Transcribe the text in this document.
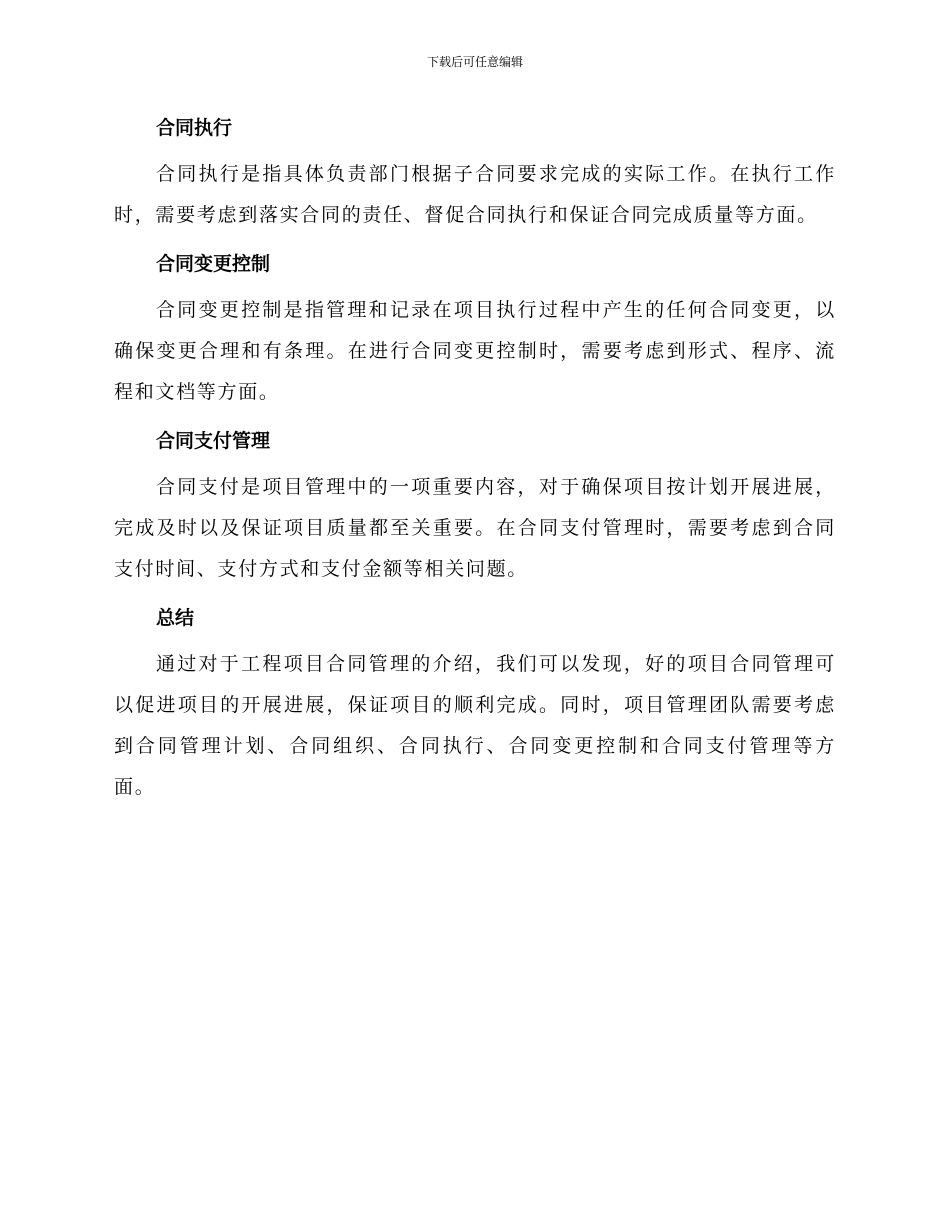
下载后可任意编辑
合同执行

合同执行是指具体负责部门根据子合同要求完成的实际工作。在执行工作时，需要考虑到落实合同的责任、督促合同执行和保证合同完成质量等方面。

合同变更控制

合同变更控制是指管理和记录在项目执行过程中产生的任何合同变更，以确保变更合理和有条理。在进行合同变更控制时，需要考虑到形式、程序、流程和文档等方面。

合同支付管理

合同支付是项目管理中的一项重要内容，对于确保项目按计划开展进展，完成及时以及保证项目质量都至关重要。在合同支付管理时，需要考虑到合同支付时间、支付方式和支付金额等相关问题。

总结

通过对于工程项目合同管理的介绍，我们可以发现，好的项目合同管理可以促进项目的开展进展，保证项目的顺利完成。同时，项目管理团队需要考虑到合同管理计划、合同组织、合同执行、合同变更控制和合同支付管理等方面。
